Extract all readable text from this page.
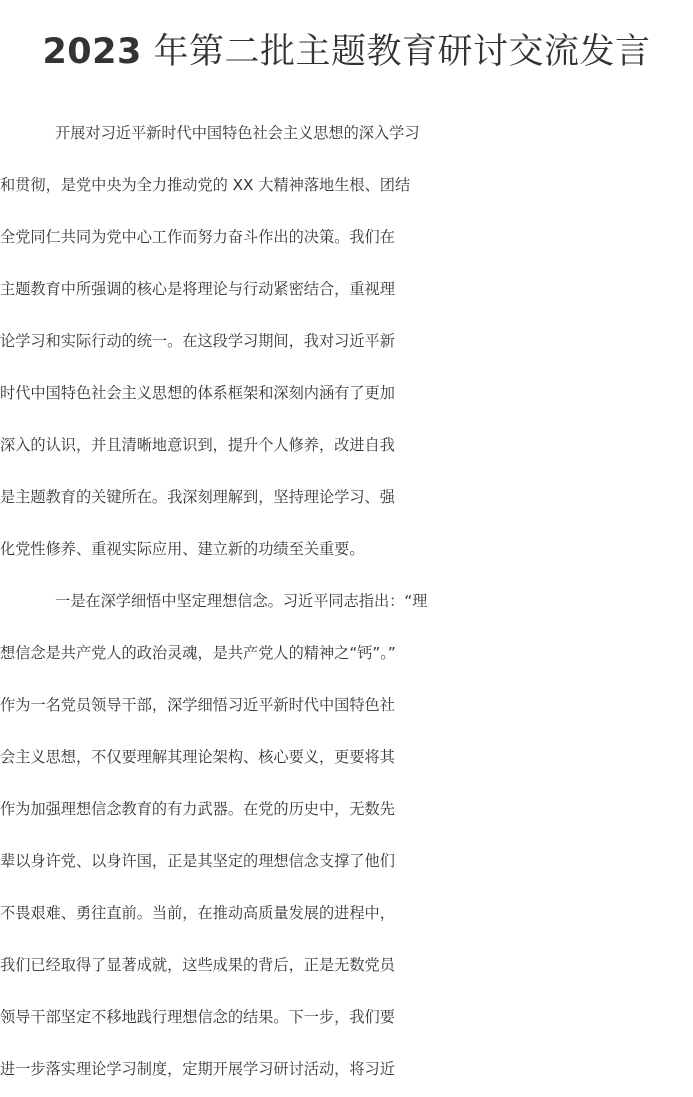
2023 年第二批主题教育研讨交流发言
开展对习近平新时代中国特色社会主义思想的深入学习
和贯彻，是党中央为全力推动党的 XX 大精神落地生根、团结
全党同仁共同为党中心工作而努力奋斗作出的决策。我们在
主题教育中所强调的核心是将理论与行动紧密结合，重视理
论学习和实际行动的统一。在这段学习期间，我对习近平新
时代中国特色社会主义思想的体系框架和深刻内涵有了更加
深入的认识，并且清晰地意识到，提升个人修养，改进自我
是主题教育的关键所在。我深刻理解到，坚持理论学习、强
化党性修养、重视实际应用、建立新的功绩至关重要。
一是在深学细悟中坚定理想信念。习近平同志指出：“理
想信念是共产党人的政治灵魂，是共产党人的精神之“钙”。”
作为一名党员领导干部，深学细悟习近平新时代中国特色社
会主义思想，不仅要理解其理论架构、核心要义，更要将其
作为加强理想信念教育的有力武器。在党的历史中，无数先
辈以身许党、以身许国，正是其坚定的理想信念支撑了他们
不畏艰难、勇往直前。当前，在推动高质量发展的进程中，
我们已经取得了显著成就，这些成果的背后，正是无数党员
领导干部坚定不移地践行理想信念的结果。下一步，我们要
进一步落实理论学习制度，定期开展学习研讨活动，将习近
